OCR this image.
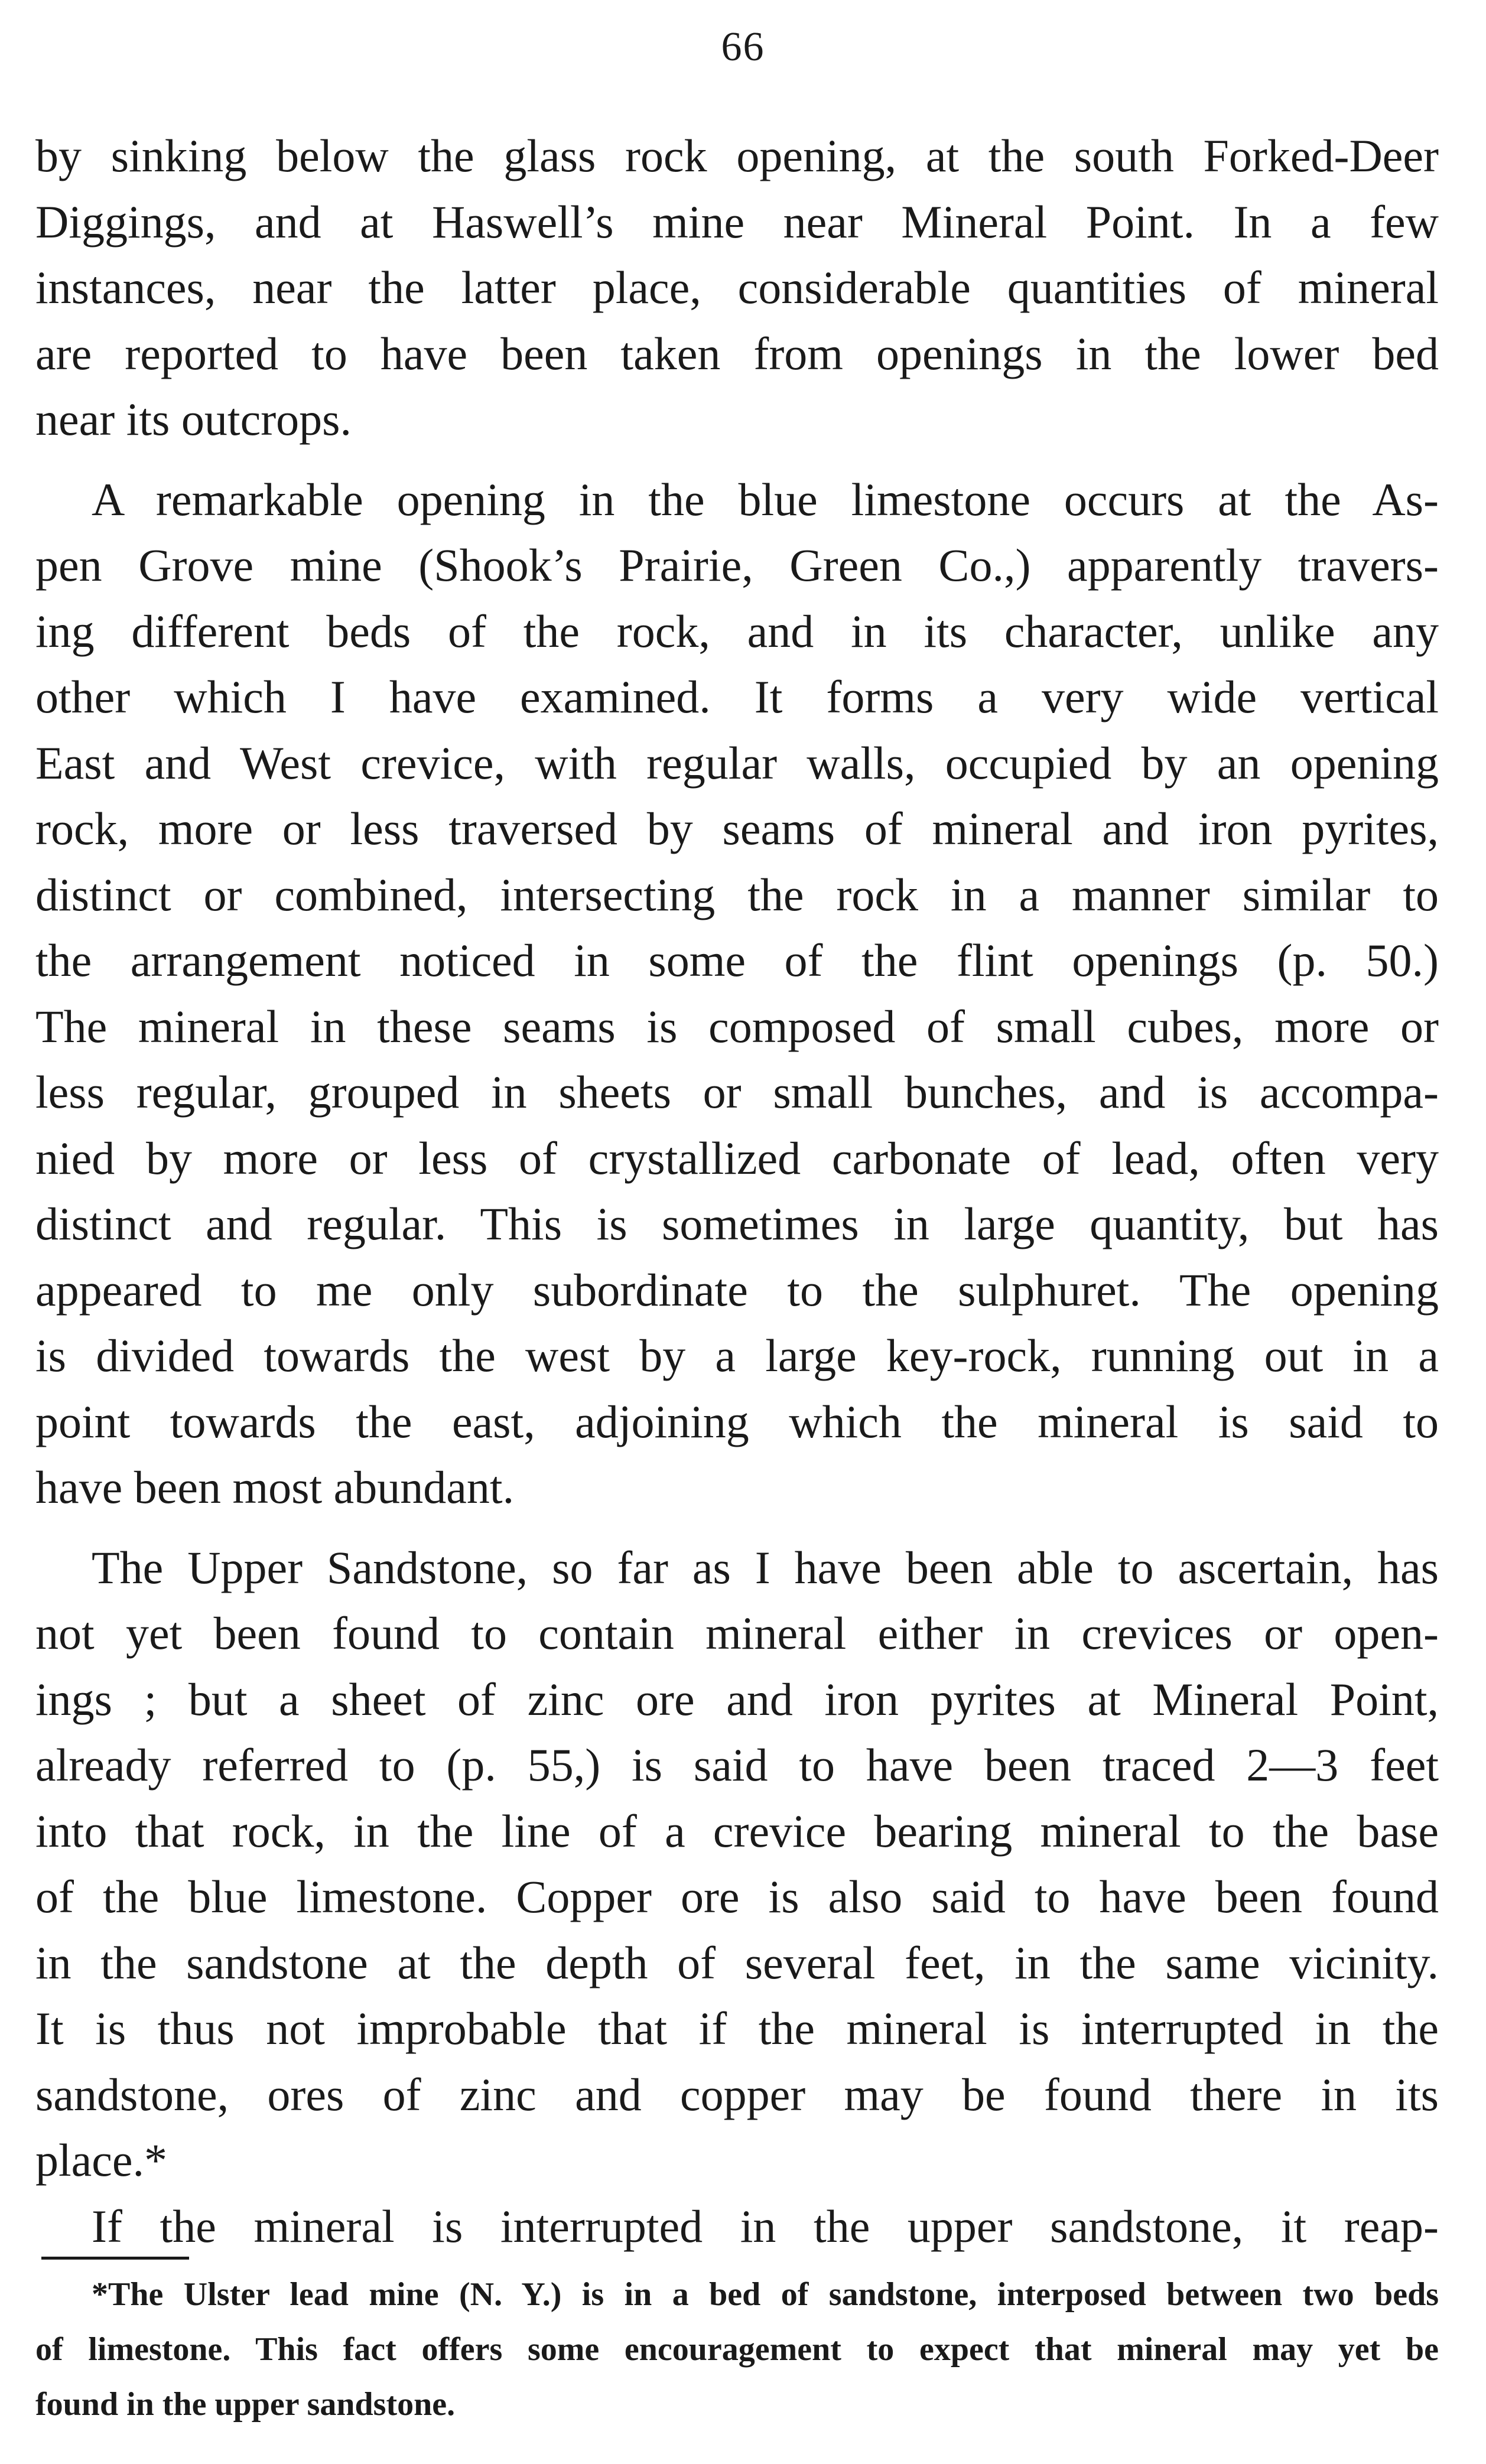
66
by sinking below the glass rock opening, at the south Forked-Deer
Diggings, and at Haswell’s mine near Mineral Point. In a few
instances, near the latter place, considerable quantities of mineral
are reported to have been taken from openings in the lower bed
near its outcrops.
A remarkable opening in the blue limestone occurs at the As-
pen Grove mine (Shook’s Prairie, Green Co.,) apparently travers-
ing different beds of the rock, and in its character, unlike any
other which I have examined. It forms a very wide vertical
East and West crevice, with regular walls, occupied by an opening
rock, more or less traversed by seams of mineral and iron pyrites,
distinct or combined, intersecting the rock in a manner similar to
the arrangement noticed in some of the flint openings (p. 50.)
The mineral in these seams is composed of small cubes, more or
less regular, grouped in sheets or small bunches, and is accompa-
nied by more or less of crystallized carbonate of lead, often very
distinct and regular. This is sometimes in large quantity, but has
appeared to me only subordinate to the sulphuret. The opening
is divided towards the west by a large key-rock, running out in a
point towards the east, adjoining which the mineral is said to
have been most abundant.
The Upper Sandstone, so far as I have been able to ascertain, has
not yet been found to contain mineral either in crevices or open-
ings ; but a sheet of zinc ore and iron pyrites at Mineral Point,
already referred to (p. 55,) is said to have been traced 2—3 feet
into that rock, in the line of a crevice bearing mineral to the base
of the blue limestone. Copper ore is also said to have been found
in the sandstone at the depth of several feet, in the same vicinity.
It is thus not improbable that if the mineral is interrupted in the
sandstone, ores of zinc and copper may be found there in its
place.*
If the mineral is interrupted in the upper sandstone, it reap-
*The Ulster lead mine (N. Y.) is in a bed of sandstone, interposed between two beds
of limestone. This fact offers some encouragement to expect that mineral may yet be
found in the upper sandstone.
